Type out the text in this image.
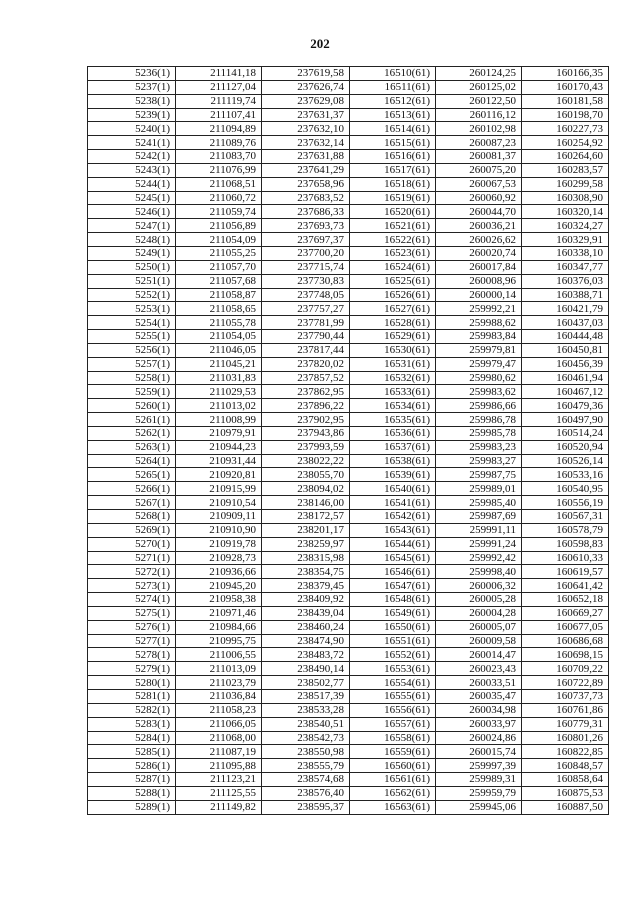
202
5236(1)	211141,18	237619,58	16510(61)	260124,25	160166,35
5237(1)	211127,04	237626,74	16511(61)	260125,02	160170,43
5238(1)	211119,74	237629,08	16512(61)	260122,50	160181,58
5239(1)	211107,41	237631,37	16513(61)	260116,12	160198,70
5240(1)	211094,89	237632,10	16514(61)	260102,98	160227,73
5241(1)	211089,76	237632,14	16515(61)	260087,23	160254,92
5242(1)	211083,70	237631,88	16516(61)	260081,37	160264,60
5243(1)	211076,99	237641,29	16517(61)	260075,20	160283,57
5244(1)	211068,51	237658,96	16518(61)	260067,53	160299,58
5245(1)	211060,72	237683,52	16519(61)	260060,92	160308,90
5246(1)	211059,74	237686,33	16520(61)	260044,70	160320,14
5247(1)	211056,89	237693,73	16521(61)	260036,21	160324,27
5248(1)	211054,09	237697,37	16522(61)	260026,62	160329,91
5249(1)	211055,25	237700,20	16523(61)	260020,74	160338,10
5250(1)	211057,70	237715,74	16524(61)	260017,84	160347,77
5251(1)	211057,68	237730,83	16525(61)	260008,96	160376,03
5252(1)	211058,87	237748,05	16526(61)	260000,14	160388,71
5253(1)	211058,65	237757,27	16527(61)	259992,21	160421,79
5254(1)	211055,78	237781,99	16528(61)	259988,62	160437,03
5255(1)	211054,05	237790,44	16529(61)	259983,84	160444,48
5256(1)	211046,05	237817,44	16530(61)	259979,81	160450,81
5257(1)	211045,21	237820,02	16531(61)	259979,47	160456,39
5258(1)	211031,83	237857,52	16532(61)	259980,62	160461,94
5259(1)	211029,53	237862,95	16533(61)	259983,62	160467,12
5260(1)	211013,02	237896,22	16534(61)	259986,66	160479,36
5261(1)	211008,99	237902,95	16535(61)	259986,78	160497,90
5262(1)	210979,91	237943,86	16536(61)	259985,78	160514,24
5263(1)	210944,23	237993,59	16537(61)	259983,23	160520,94
5264(1)	210931,44	238022,22	16538(61)	259983,27	160526,14
5265(1)	210920,81	238055,70	16539(61)	259987,75	160533,16
5266(1)	210915,99	238094,02	16540(61)	259989,01	160540,95
5267(1)	210910,54	238146,00	16541(61)	259985,40	160556,19
5268(1)	210909,11	238172,57	16542(61)	259987,69	160567,31
5269(1)	210910,90	238201,17	16543(61)	259991,11	160578,79
5270(1)	210919,78	238259,97	16544(61)	259991,24	160598,83
5271(1)	210928,73	238315,98	16545(61)	259992,42	160610,33
5272(1)	210936,66	238354,75	16546(61)	259998,40	160619,57
5273(1)	210945,20	238379,45	16547(61)	260006,32	160641,42
5274(1)	210958,38	238409,92	16548(61)	260005,28	160652,18
5275(1)	210971,46	238439,04	16549(61)	260004,28	160669,27
5276(1)	210984,66	238460,24	16550(61)	260005,07	160677,05
5277(1)	210995,75	238474,90	16551(61)	260009,58	160686,68
5278(1)	211006,55	238483,72	16552(61)	260014,47	160698,15
5279(1)	211013,09	238490,14	16553(61)	260023,43	160709,22
5280(1)	211023,79	238502,77	16554(61)	260033,51	160722,89
5281(1)	211036,84	238517,39	16555(61)	260035,47	160737,73
5282(1)	211058,23	238533,28	16556(61)	260034,98	160761,86
5283(1)	211066,05	238540,51	16557(61)	260033,97	160779,31
5284(1)	211068,00	238542,73	16558(61)	260024,86	160801,26
5285(1)	211087,19	238550,98	16559(61)	260015,74	160822,85
5286(1)	211095,88	238555,79	16560(61)	259997,39	160848,57
5287(1)	211123,21	238574,68	16561(61)	259989,31	160858,64
5288(1)	211125,55	238576,40	16562(61)	259959,79	160875,53
5289(1)	211149,82	238595,37	16563(61)	259945,06	160887,50
